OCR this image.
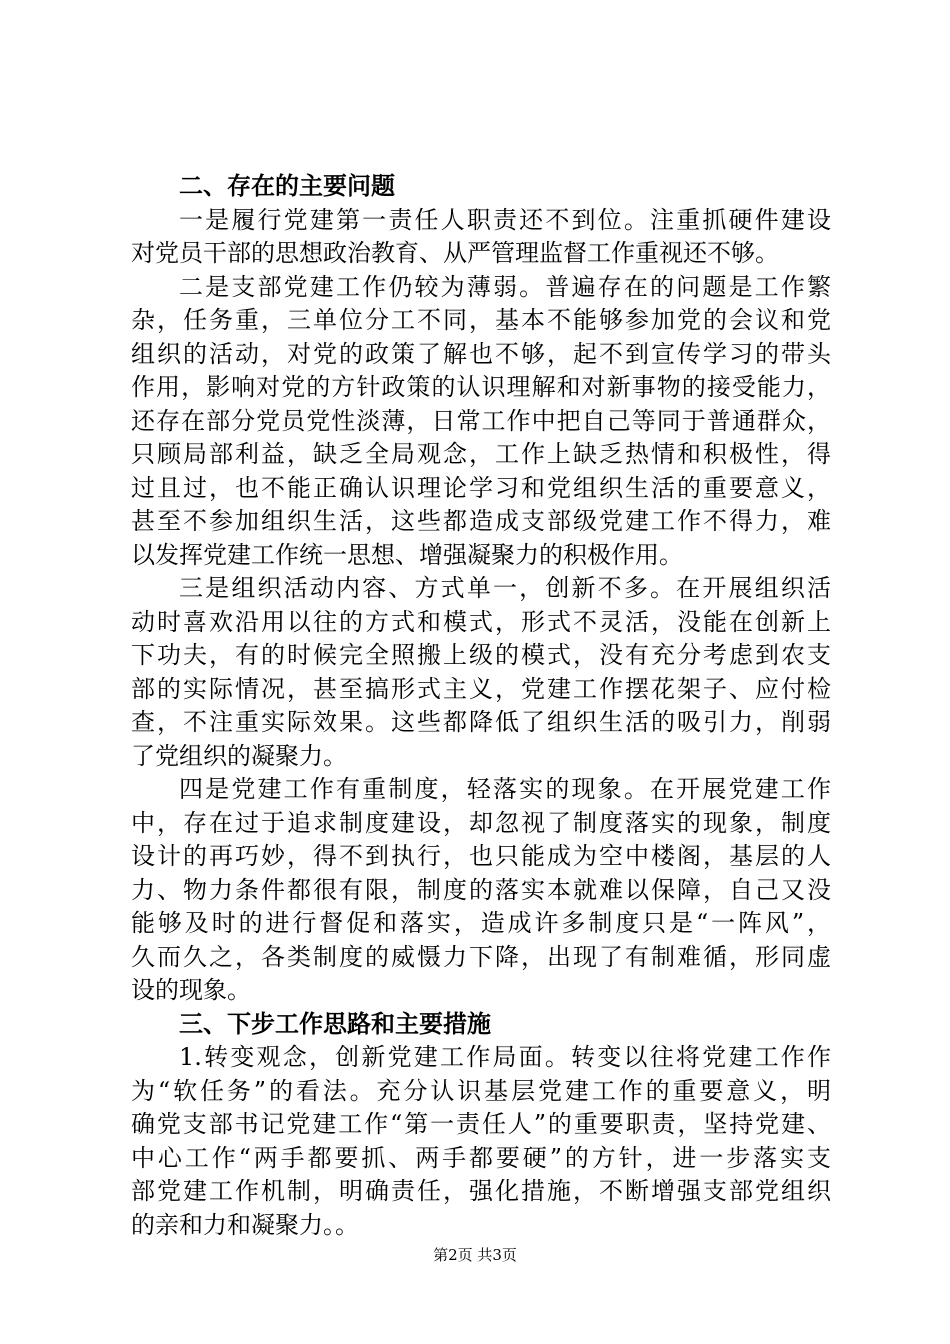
二、存在的主要问题
一是履行党建第一责任人职责还不到位。注重抓硬件建设
对党员干部的思想政治教育、从严管理监督工作重视还不够。
二是支部党建工作仍较为薄弱。普遍存在的问题是工作繁
杂，任务重，三单位分工不同，基本不能够参加党的会议和党
组织的活动，对党的政策了解也不够，起不到宣传学习的带头
作用，影响对党的方针政策的认识理解和对新事物的接受能力，
还存在部分党员党性淡薄，日常工作中把自己等同于普通群众，
只顾局部利益，缺乏全局观念，工作上缺乏热情和积极性，得
过且过，也不能正确认识理论学习和党组织生活的重要意义，
甚至不参加组织生活，这些都造成支部级党建工作不得力，难
以发挥党建工作统一思想、增强凝聚力的积极作用。
三是组织活动内容、方式单一，创新不多。在开展组织活
动时喜欢沿用以往的方式和模式，形式不灵活，没能在创新上
下功夫，有的时候完全照搬上级的模式，没有充分考虑到农支
部的实际情况，甚至搞形式主义，党建工作摆花架子、应付检
查，不注重实际效果。这些都降低了组织生活的吸引力，削弱
了党组织的凝聚力。
四是党建工作有重制度，轻落实的现象。在开展党建工作
中，存在过于追求制度建设，却忽视了制度落实的现象，制度
设计的再巧妙，得不到执行，也只能成为空中楼阁，基层的人
力、物力条件都很有限，制度的落实本就难以保障，自己又没
能够及时的进行督促和落实，造成许多制度只是“一阵风”，
久而久之，各类制度的威慑力下降，出现了有制难循，形同虚
设的现象。
三、下步工作思路和主要措施
1.转变观念，创新党建工作局面。转变以往将党建工作作
为“软任务”的看法。充分认识基层党建工作的重要意义，明
确党支部书记党建工作“第一责任人”的重要职责，坚持党建、
中心工作“两手都要抓、两手都要硬”的方针，进一步落实支
部党建工作机制，明确责任，强化措施，不断增强支部党组织
的亲和力和凝聚力。。
第2页 共3页
